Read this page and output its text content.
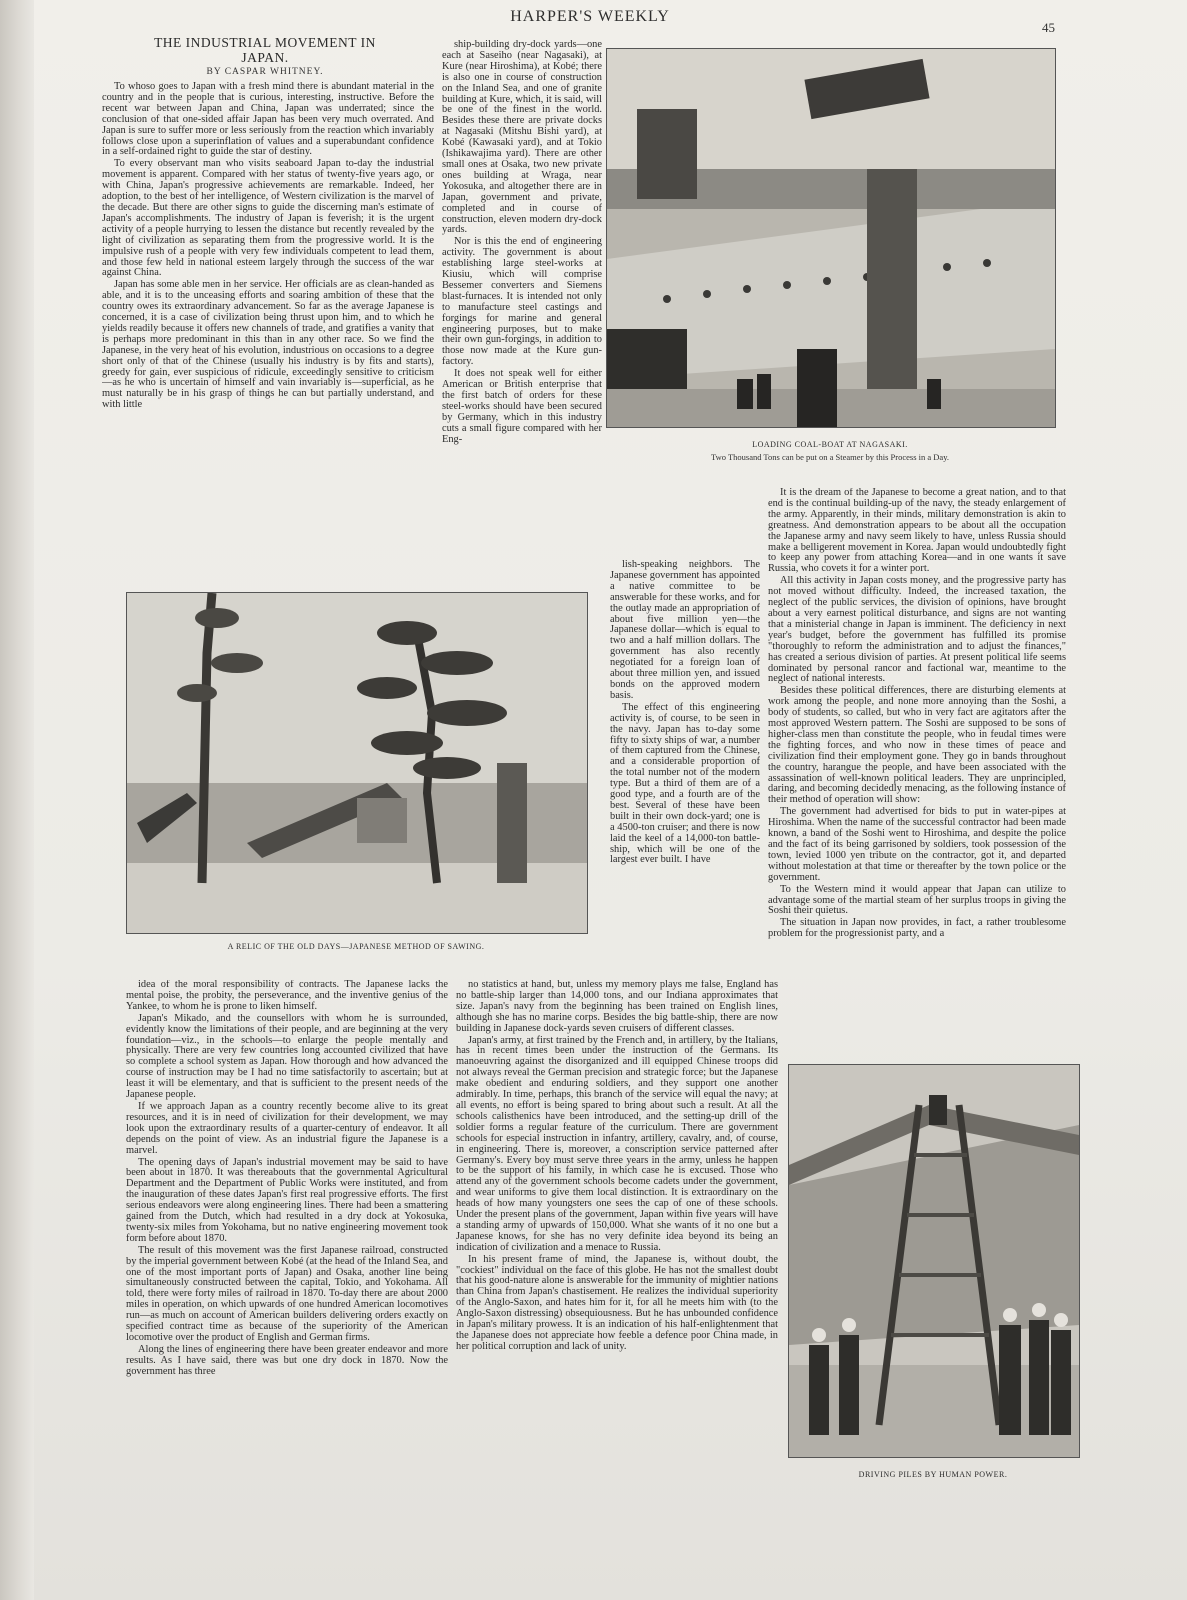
HARPER'S WEEKLY
45
THE INDUSTRIAL MOVEMENT IN
JAPAN.
BY CASPAR WHITNEY.

To whoso goes to Japan with a fresh mind there is abundant material in the country and in the people that is curious, interesting, instructive. Before the recent war between Japan and China, Japan was underrated; since the conclusion of that one-sided affair Japan has been very much overrated. And Japan is sure to suffer more or less seriously from the reaction which invariably follows close upon a superinflation of values and a superabundant confidence in a self-ordained right to guide the star of destiny.

To every observant man who visits seaboard Japan to-day the industrial movement is apparent. Compared with her status of twenty-five years ago, or with China, Japan's progressive achievements are remarkable. Indeed, her adoption, to the best of her intelligence, of Western civilization is the marvel of the decade. But there are other signs to guide the discerning man's estimate of Japan's accomplishments. The industry of Japan is feverish; it is the urgent activity of a people hurrying to lessen the distance but recently revealed by the light of civilization as separating them from the progressive world. It is the impulsive rush of a people with very few individuals competent to lead them, and those few held in national esteem largely through the success of the war against China.

Japan has some able men in her service. Her officials are as clean-handed as able, and it is to the unceasing efforts and soaring ambition of these that the country owes its extraordinary advancement. So far as the average Japanese is concerned, it is a case of civilization being thrust upon him, and to which he yields readily because it offers new channels of trade, and gratifies a vanity that is perhaps more predominant in this than in any other race. So we find the Japanese, in the very heat of his evolution, industrious on occasions to a degree short only of that of the Chinese (usually his industry is by fits and starts), greedy for gain, ever suspicious of ridicule, exceedingly sensitive to criticism—as he who is uncertain of himself and vain invariably is—superficial, as he must naturally be in his grasp of things he can but partially understand, and with little

ship-building dry-dock yards—one each at Saseiho (near Nagasaki), at Kure (near Hiroshima), at Kobé; there is also one in course of construction on the Inland Sea, and one of granite building at Kure, which, it is said, will be one of the finest in the world. Besides these there are private docks at Nagasaki (Mitshu Bishi yard), at Kobé (Kawasaki yard), and at Tokio (Ishikawajima yard). There are other small ones at Osaka, two new private ones building at Wraga, near Yokosuka, and altogether there are in Japan, government and private, completed and in course of construction, eleven modern dry-dock yards.

Nor is this the end of engineering activity. The government is about establishing large steel-works at Kiusiu, which will comprise Bessemer converters and Siemens blast-furnaces. It is intended not only to manufacture steel castings and forgings for marine and general engineering purposes, but to make their own gun-forgings, in addition to those now made at the Kure gun-factory.

It does not speak well for either American or British enterprise that the first batch of orders for these steel-works should have been secured by Germany, which in this industry cuts a small figure compared with her Eng-	LOADING COAL-BOAT AT NAGASAKI.
Two Thousand Tons can be put on a Steamer by this Process in a Day.
A RELIC OF THE OLD DAYS—JAPANESE METHOD OF SAWING.

lish-speaking neighbors. The Japanese government has appointed a native committee to be answerable for these works, and for the outlay made an appropriation of about five million yen—the Japanese dollar—which is equal to two and a half million dollars. The government has also recently negotiated for a foreign loan of about three million yen, and issued bonds on the approved modern basis.

The effect of this engineering activity is, of course, to be seen in the navy. Japan has to-day some fifty to sixty ships of war, a number of them captured from the Chinese, and a considerable proportion of the total number not of the modern type. But a third of them are of a good type, and a fourth are of the best. Several of these have been built in their own dock-yard; one is a 4500-ton cruiser; and there is now laid the keel of a 14,000-ton battle-ship, which will be one of the largest ever built. I have

It is the dream of the Japanese to become a great nation, and to that end is the continual building-up of the navy, the steady enlargement of the army. Apparently, in their minds, military demonstration is akin to greatness. And demonstration appears to be about all the occupation the Japanese army and navy seem likely to have, unless Russia should make a belligerent movement in Korea. Japan would undoubtedly fight to keep any power from attaching Korea—and in one wants it save Russia, who covets it for a winter port.

All this activity in Japan costs money, and the progressive party has not moved without difficulty. Indeed, the increased taxation, the neglect of the public services, the division of opinions, have brought about a very earnest political disturbance, and signs are not wanting that a ministerial change in Japan is imminent. The deficiency in next year's budget, before the government has fulfilled its promise "thoroughly to reform the administration and to adjust the finances," has created a serious division of parties. At present political life seems dominated by personal rancor and factional war, meantime to the neglect of national interests.

Besides these political differences, there are disturbing elements at work among the people, and none more annoying than the Soshi, a body of students, so called, but who in very fact are agitators after the most approved Western pattern. The Soshi are supposed to be sons of higher-class men than constitute the people, who in feudal times were the fighting forces, and who now in these times of peace and civilization find their employment gone. They go in bands throughout the country, harangue the people, and have been associated with the assassination of well-known political leaders. They are unprincipled, daring, and becoming decidedly menacing, as the following instance of their method of operation will show:

The government had advertised for bids to put in water-pipes at Hiroshima. When the name of the successful contractor had been made known, a band of the Soshi went to Hiroshima, and despite the police and the fact of its being garrisoned by soldiers, took possession of the town, levied 1000 yen tribute on the contractor, got it, and departed without molestation at that time or thereafter by the town police or the government.

To the Western mind it would appear that Japan can utilize to advantage some of the martial steam of her surplus troops in giving the Soshi their quietus.

The situation in Japan now provides, in fact, a rather troublesome problem for the progressionist party, and a

idea of the moral responsibility of contracts. The Japanese lacks the mental poise, the probity, the perseverance, and the inventive genius of the Yankee, to whom he is prone to liken himself.

Japan's Mikado, and the counsellors with whom he is surrounded, evidently know the limitations of their people, and are beginning at the very foundation—viz., in the schools—to enlarge the people mentally and physically. There are very few countries long accounted civilized that have so complete a school system as Japan. How thorough and how advanced the course of instruction may be I had no time satisfactorily to ascertain; but at least it will be elementary, and that is sufficient to the present needs of the Japanese people.

If we approach Japan as a country recently become alive to its great resources, and it is in need of civilization for their development, we may look upon the extraordinary results of a quarter-century of endeavor. It all depends on the point of view. As an industrial figure the Japanese is a marvel.

The opening days of Japan's industrial movement may be said to have been about in 1870. It was thereabouts that the governmental Agricultural Department and the Department of Public Works were instituted, and from the inauguration of these dates Japan's first real progressive efforts. The first serious endeavors were along engineering lines. There had been a smattering gained from the Dutch, which had resulted in a dry dock at Yokosuka, twenty-six miles from Yokohama, but no native engineering movement took form before about 1870.

The result of this movement was the first Japanese railroad, constructed by the imperial government between Kobé (at the head of the Inland Sea, and one of the most important ports of Japan) and Osaka, another line being simultaneously constructed between the capital, Tokio, and Yokohama. All told, there were forty miles of railroad in 1870. To-day there are about 2000 miles in operation, on which upwards of one hundred American locomotives run—as much on account of American builders delivering orders exactly on specified contract time as because of the superiority of the American locomotive over the product of English and German firms.

Along the lines of engineering there have been greater endeavor and more results. As I have said, there was but one dry dock in 1870. Now the government has three

no statistics at hand, but, unless my memory plays me false, England has no battle-ship larger than 14,000 tons, and our Indiana approximates that size. Japan's navy from the beginning has been trained on English lines, although she has no marine corps. Besides the big battle-ship, there are now building in Japanese dock-yards seven cruisers of different classes.

Japan's army, at first trained by the French and, in artillery, by the Italians, has in recent times been under the instruction of the Germans. Its manoeuvring against the disorganized and ill equipped Chinese troops did not always reveal the German precision and strategic force; but the Japanese make obedient and enduring soldiers, and they support one another admirably. In time, perhaps, this branch of the service will equal the navy; at all events, no effort is being spared to bring about such a result. At all the schools calisthenics have been introduced, and the setting-up drill of the soldier forms a regular feature of the curriculum. There are government schools for especial instruction in infantry, artillery, cavalry, and, of course, in engineering. There is, moreover, a conscription service patterned after Germany's. Every boy must serve three years in the army, unless he happen to be the support of his family, in which case he is excused. Those who attend any of the government schools become cadets under the government, and wear uniforms to give them local distinction. It is extraordinary on the heads of how many youngsters one sees the cap of one of these schools. Under the present plans of the government, Japan within five years will have a standing army of upwards of 150,000. What she wants of it no one but a Japanese knows, for she has no very definite idea beyond its being an indication of civilization and a menace to Russia.

In his present frame of mind, the Japanese is, without doubt, the "cockiest" individual on the face of this globe. He has not the smallest doubt that his good-nature alone is answerable for the immunity of mightier nations than China from Japan's chastisement. He realizes the individual superiority of the Anglo-Saxon, and hates him for it, for all he meets him with (to the Anglo-Saxon distressing) obsequiousness. But he has unbounded confidence in Japan's military prowess. It is an indication of his half-enlightenment that the Japanese does not appreciate how feeble a defence poor China made, in her political corruption and lack of unity.

DRIVING PILES BY HUMAN POWER.
